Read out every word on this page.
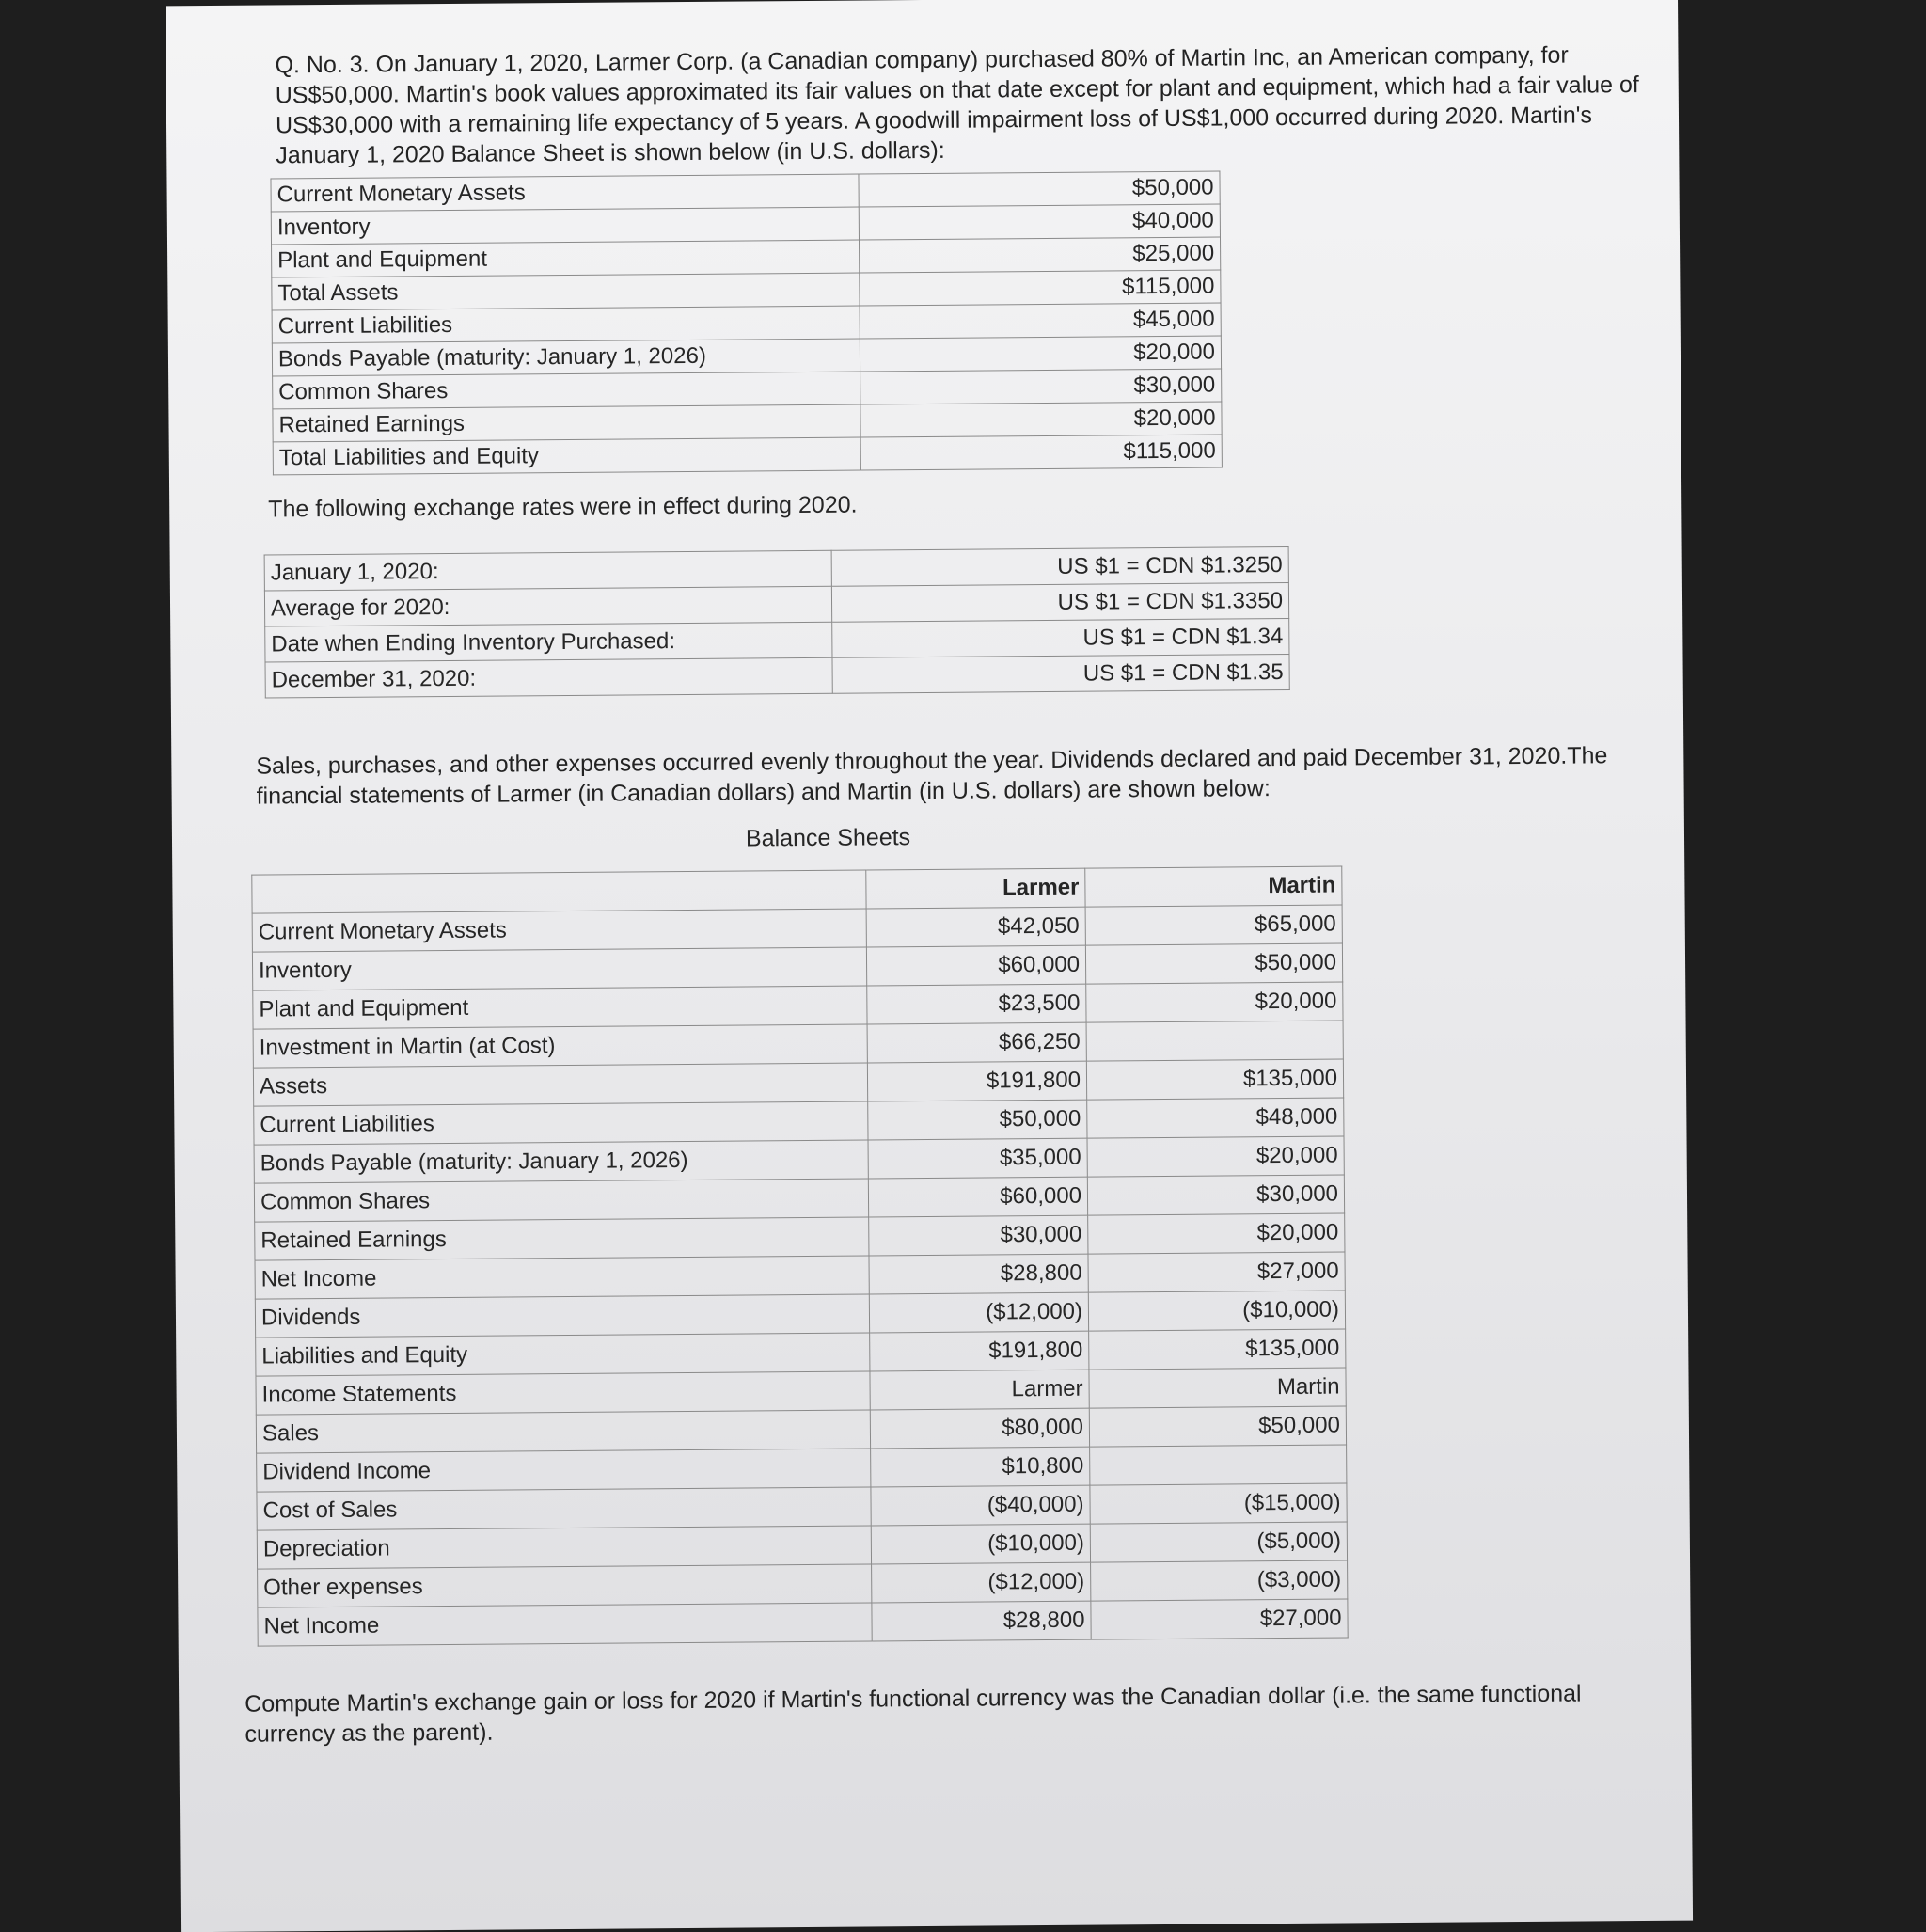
Q. No. 3. On January 1, 2020, Larmer Corp. (a Canadian company) purchased 80% of Martin Inc, an American company, for US$50,000. Martin's book values approximated its fair values on that date except for plant and equipment, which had a fair value of US$30,000 with a remaining life expectancy of 5 years. A goodwill impairment loss of US$1,000 occurred during 2020. Martin's January 1, 2020 Balance Sheet is shown below (in U.S. dollars):

Current Monetary Assets	$50,000
Inventory	$40,000
Plant and Equipment	$25,000
Total Assets	$115,000
Current Liabilities	$45,000
Bonds Payable (maturity: January 1, 2026)	$20,000
Common Shares	$30,000
Retained Earnings	$20,000
Total Liabilities and Equity	$115,000

The following exchange rates were in effect during 2020.

January 1, 2020:	US $1 = CDN $1.3250
Average for 2020:	US $1 = CDN $1.3350
Date when Ending Inventory Purchased:	US $1 = CDN $1.34
December 31, 2020:	US $1 = CDN $1.35

Sales, purchases, and other expenses occurred evenly throughout the year. Dividends declared and paid December 31, 2020.The financial statements of Larmer (in Canadian dollars) and Martin (in U.S. dollars) are shown below:

Balance Sheets

	Larmer	Martin
Current Monetary Assets	$42,050	$65,000
Inventory	$60,000	$50,000
Plant and Equipment	$23,500	$20,000
Investment in Martin (at Cost)	$66,250	
Assets	$191,800	$135,000
Current Liabilities	$50,000	$48,000
Bonds Payable (maturity: January 1, 2026)	$35,000	$20,000
Common Shares	$60,000	$30,000
Retained Earnings	$30,000	$20,000
Net Income	$28,800	$27,000
Dividends	($12,000)	($10,000)
Liabilities and Equity	$191,800	$135,000
Income Statements	Larmer	Martin
Sales	$80,000	$50,000
Dividend Income	$10,800	
Cost of Sales	($40,000)	($15,000)
Depreciation	($10,000)	($5,000)
Other expenses	($12,000)	($3,000)
Net Income	$28,800	$27,000

Compute Martin's exchange gain or loss for 2020 if Martin's functional currency was the Canadian dollar (i.e. the same functional currency as the parent).
